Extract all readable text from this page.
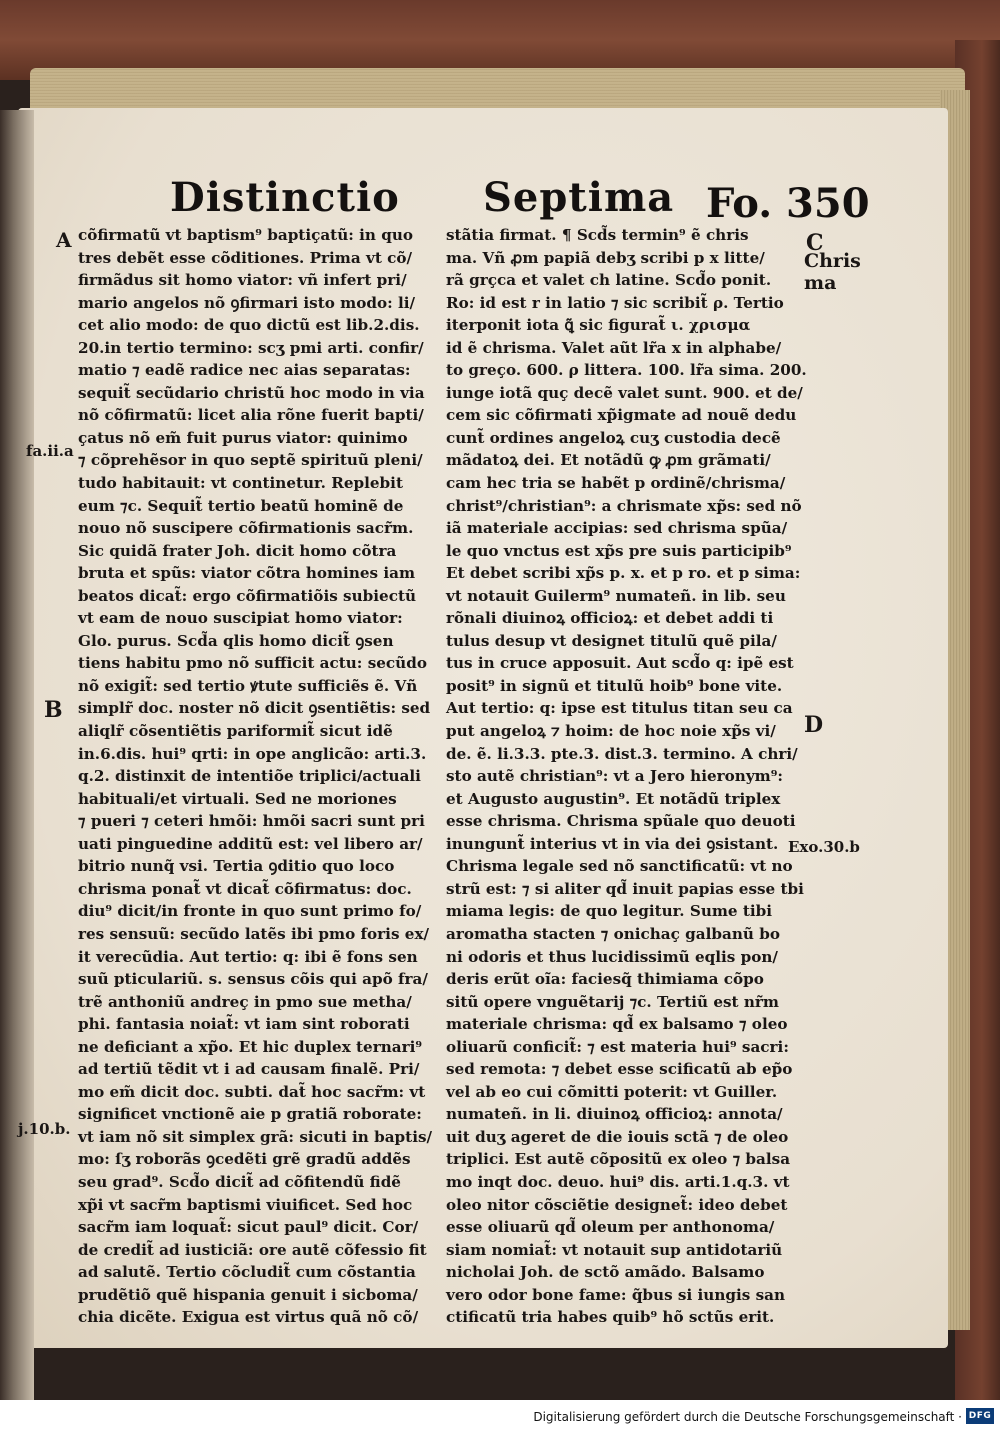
Distinctio Septima Fo. 350
A
B
D
C
Chris ma
fa.ii.a
Exo.30.b
j.10.b.
cõfirmatũ vt baptism⁹ baptiçatũ: in quo
tres debẽt esse cõditiones. Prima vt cõ/
firmãdus sit homo viator: vñ infert pri/
mario angelos nõ ꝯfirmari isto modo: li/
cet alio modo: de quo dictũ est lib.2.dis.
20.in tertio termino: scʒ pmi arti. confir/
matio ⁊ eadẽ radice nec aias separatas:
sequit̃ secũdario christũ hoc modo in via
nõ cõfirmatũ: licet alia rõne fuerit bapti/
çatus nõ em̃ fuit purus viator: quinimo
⁊ cõprehẽsor in quo septẽ spirituũ pleni/
tudo habitauit: vt continetur. Replebit
eum ⁊c. Sequit̃ tertio beatũ hominẽ de
nouo nõ suscipere cõfirmationis sacr̃m.
Sic quidã frater Joh. dicit homo cõtra
bruta et spũs: viator cõtra homines iam
beatos dicat̃: ergo cõfirmatiõis subiectũ
vt eam de nouo suscipiat homo viator:
Glo. purus. Scd̃a qlis homo dicit̃ ꝯsen
tiens habitu pmo nõ sufficit actu: secũdo
nõ exigit̃: sed tertio ꝟtute sufficiẽs ẽ. Vñ
simplr̃ doc. noster nõ dicit ꝯsentiẽtis: sed
aliqlr̃ cõsentiẽtis pariformit̃ sicut idẽ
in.6.dis. hui⁹ qrti: in ope anglicão: arti.3.
q.2. distinxit de intentiõe triplici/actuali
habituali/et virtuali. Sed ne moriones
⁊ pueri ⁊ ceteri hmõi: hmõi sacri sunt pri
uati pinguedine additũ est: vel libero ar/
bitrio nunq̃ vsi. Tertia ꝯditio quo loco
chrisma ponat̃ vt dicat̃ cõfirmatus: doc.
diu⁹ dicit/in fronte in quo sunt primo fo/
res sensuũ: secũdo latẽs ibi pmo foris ex/
it verecũdia. Aut tertio: q: ibi ẽ fons sen
suũ pticulariũ. s. sensus cõis qui apõ fra/
trẽ anthoniũ andreç in pmo sue metha/
phi. fantasia noiat̃: vt iam sint roborati
ne deficiant a xp̃o. Et hic duplex ternari⁹
ad tertiũ tẽdit vt i ad causam finalẽ. Pri/
mo em̃ dicit doc. subti. dat̃ hoc sacr̃m: vt
significet vnctionẽ aie p gratiã roborate:
vt iam nõ sit simplex grã: sicuti in baptis/
mo: ſʒ roborãs ꝯcedẽti grẽ gradũ addẽs
seu grad⁹. Scd̃o dicit̃ ad cõfitendũ fidẽ
xp̃i vt sacr̃m baptismi viuificet. Sed hoc
sacr̃m iam loquat̃: sicut paul⁹ dicit. Cor/
de credit̃ ad iusticiã: ore autẽ cõfessio fit
ad salutẽ. Tertio cõcludit̃ cum cõstantia
prudẽtiõ quẽ hispania genuit i sicboma/
chia dicẽte. Exigua est virtus quã nõ cõ/
stãtia firmat. ¶ Scd̃s termin⁹ ẽ chris
ma. Vñ ꝓm papiã debʒ scribi p x litte/
rã grçca et valet ch latine. Scd̃o ponit.
Ro: id est r in latio ⁊ sic scribit̃ ρ. Tertio
iterponit iota ꝗ̃ sic figurat̃ ι. χρισμα
id ẽ chrisma. Valet aũt lr̃a x in alphabe/
to greço. 600. ρ littera. 100. lr̃a sima. 200.
iunge iotã quç decẽ valet sunt. 900. et de/
cem sic cõfirmati xp̃igmate ad nouẽ dedu
cunt̃ ordines angeloꝝ cuʒ custodia decẽ
mãdatoꝝ dei. Et notãdũ ꝙ ꝓm grãmati/
cam hec tria se habẽt p ordinẽ/chrisma/
christ⁹/christian⁹: a chrismate xp̃s: sed nõ
iã materiale accipias: sed chrisma spũa/
le quo vnctus est xp̃s pre suis participib⁹
Et debet scribi xp̃s p. x. et p ro. et p sima:
vt notauit Guilerm⁹ numateñ. in lib. seu
rõnali diuinoꝝ officioꝝ: et debet addi ti
tulus desup vt designet titulũ quẽ pila/
tus in cruce apposuit. Aut scd̃o q: ipẽ est
posit⁹ in signũ et titulũ hoib⁹ bone vite.
Aut tertio: q: ipse est titulus titan seu ca
put angeloꝝ ⁊ hoim: de hoc noie xp̃s vi/
de. ẽ. li.3.3. pte.3. dist.3. termino. A chri/
sto autẽ christian⁹: vt a Jero hieronym⁹:
et Augusto augustin⁹. Et notãdũ triplex
esse chrisma. Chrisma spũale quo deuoti
inungunt̃ interius vt in via dei ꝯsistant.
Chrisma legale sed nõ sanctificatũ: vt no
strũ est: ⁊ si aliter qd̃ inuit papias esse tbi
miama legis: de quo legitur. Sume tibi
aromatha stacten ⁊ onichaç galbanũ bo
ni odoris et thus lucidissimũ eqlis pon/
deris erũt oĩa: faciesq̃ thimiama cõpo
sitũ opere vnguẽtarij ⁊c. Tertiũ est nr̃m
materiale chrisma: qd̃ ex balsamo ⁊ oleo
oliuarũ conficit̃: ⁊ est materia hui⁹ sacri:
sed remota: ⁊ debet esse scificatũ ab ep̃o
vel ab eo cui cõmitti poterit: vt Guiller.
numateñ. in li. diuinoꝝ officioꝝ: annota/
uit duʒ ageret de die iouis sctã ⁊ de oleo
triplici. Est autẽ cõpositũ ex oleo ⁊ balsa
mo inqt doc. deuo. hui⁹ dis. arti.1.q.3. vt
oleo nitor cõsciẽtie designet̃: ideo debet
esse oliuarũ qd̃ oleum per anthonoma/
siam nomiat̃: vt notauit sup antidotariũ
nicholai Joh. de sctõ amãdo. Balsamo
vero odor bone fame: q̃bus si iungis san
ctificatũ tria habes quib⁹ hõ sctũs erit.
Digitalisierung gefördert durch die Deutsche Forschungsgemeinschaft · DFG
